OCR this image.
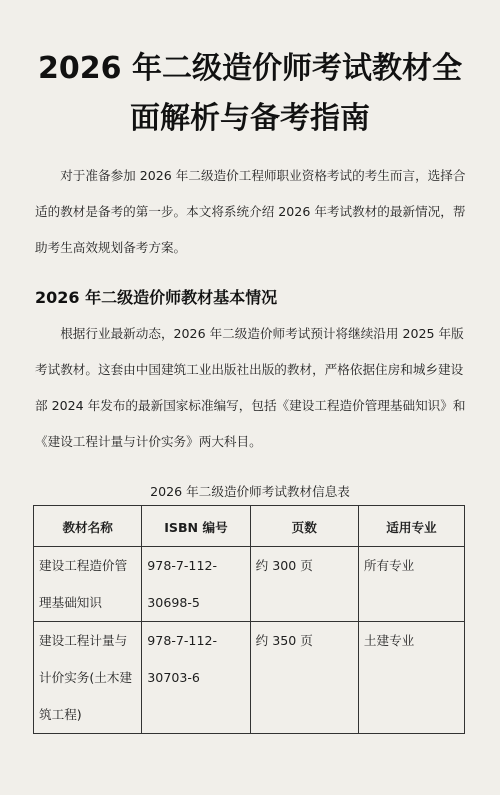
2026 年二级造价师考试教材全
面解析与备考指南

对于准备参加 2026 年二级造价工程师职业资格考试的考生而言，选择合适的教材是备考的第一步。本文将系统介绍 2026 年考试教材的最新情况，帮助考生高效规划备考方案。

2026 年二级造价师教材基本情况

根据行业最新动态，2026 年二级造价师考试预计将继续沿用 2025 年版考试教材。这套由中国建筑工业出版社出版的教材，严格依据住房和城乡建设部 2024 年发布的最新国家标准编写，包括《建设工程造价管理基础知识》和《建设工程计量与计价实务》两大科目。

2026 年二级造价师考试教材信息表
教材名称	ISBN 编号	页数	适用专业
建设工程造价管理基础知识	978-7-112-30698-5	约 300 页	所有专业
建设工程计量与计价实务(土木建筑工程)	978-7-112-30703-6	约 350 页	土建专业
